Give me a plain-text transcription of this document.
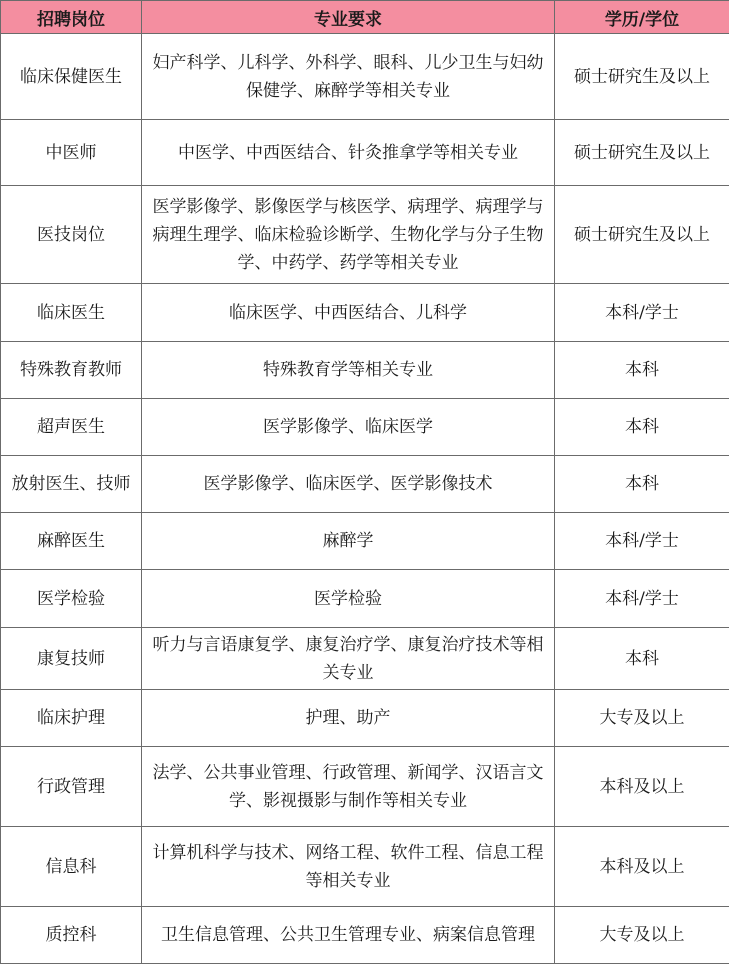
招聘岗位	专业要求	学历/学位
临床保健医生	妇产科学、儿科学、外科学、眼科、儿少卫生与妇幼保健学、麻醉学等相关专业	硕士研究生及以上
中医师	中医学、中西医结合、针灸推拿学等相关专业	硕士研究生及以上
医技岗位	医学影像学、影像医学与核医学、病理学、病理学与病理生理学、临床检验诊断学、生物化学与分子生物学、中药学、药学等相关专业	硕士研究生及以上
临床医生	临床医学、中西医结合、儿科学	本科/学士
特殊教育教师	特殊教育学等相关专业	本科
超声医生	医学影像学、临床医学	本科
放射医生、技师	医学影像学、临床医学、医学影像技术	本科
麻醉医生	麻醉学	本科/学士
医学检验	医学检验	本科/学士
康复技师	听力与言语康复学、康复治疗学、康复治疗技术等相关专业	本科
临床护理	护理、助产	大专及以上
行政管理	法学、公共事业管理、行政管理、新闻学、汉语言文学、影视摄影与制作等相关专业	本科及以上
信息科	计算机科学与技术、网络工程、软件工程、信息工程等相关专业	本科及以上
质控科	卫生信息管理、公共卫生管理专业、病案信息管理	大专及以上
